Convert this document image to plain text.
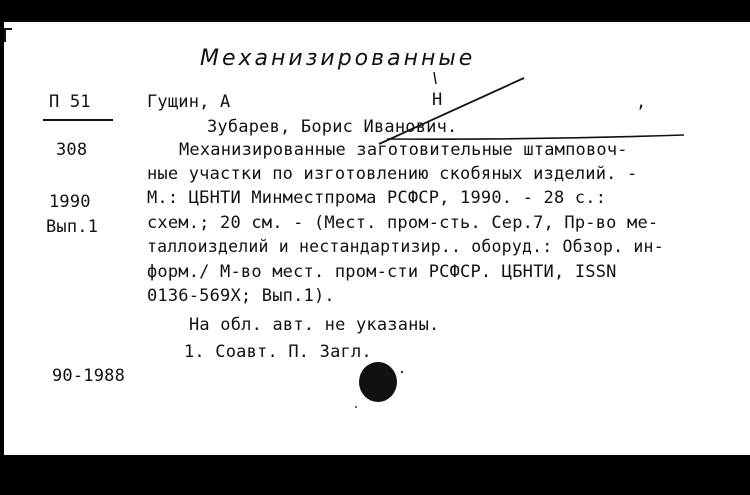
Механизированные
П 51
308
1990
Вып.1
90-1988
Гущин, А	Н	,
Зубарев, Борис Иванович.
Механизированные заготовительные штамповоч-
ные участки по изготовлению скобяных изделий. -
М.: ЦБНТИ Минместпрома РСФСР, 1990. - 28 с.:
схем.; 20 см. - (Мест. пром-сть. Сер.7, Пр-во ме-
таллоизделий и нестандартизир.. оборуд.: Обзор. ин-
форм./ М-во мест. пром-сти РСФСР. ЦБНТИ, ISSN
0136-569X; Вып.1).
На обл. авт. не указаны.
1. Соавт. П. Загл.
